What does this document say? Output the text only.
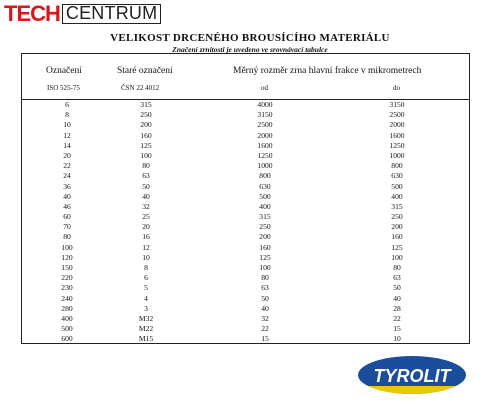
TECH CENTRUM
VELIKOST DRCENÉHO BROUSÍCÍHO MATERIÁLU
Značení zrnitosti je uvedeno ve srovnávací tabulce
Označení	Staré označení	Měrný rozměr zrna hlavní frakce v mikrometrech
ISO 525-75	ČSN 22 4012	od	do
6	315	4000	3150
8	250	3150	2500
10	200	2500	2000
12	160	2000	1600
14	125	1600	1250
20	100	1250	1000
22	80	1000	800
24	63	800	630
36	50	630	500
40	40	500	400
46	32	400	315
60	25	315	250
70	20	250	200
80	16	200	160
100	12	160	125
120	10	125	100
150	8	100	80
220	6	80	63
230	5	63	50
240	4	50	40
280	3	40	28
400	M32	32	22
500	M22	22	15
600	M15	15	10
TYROLIT
